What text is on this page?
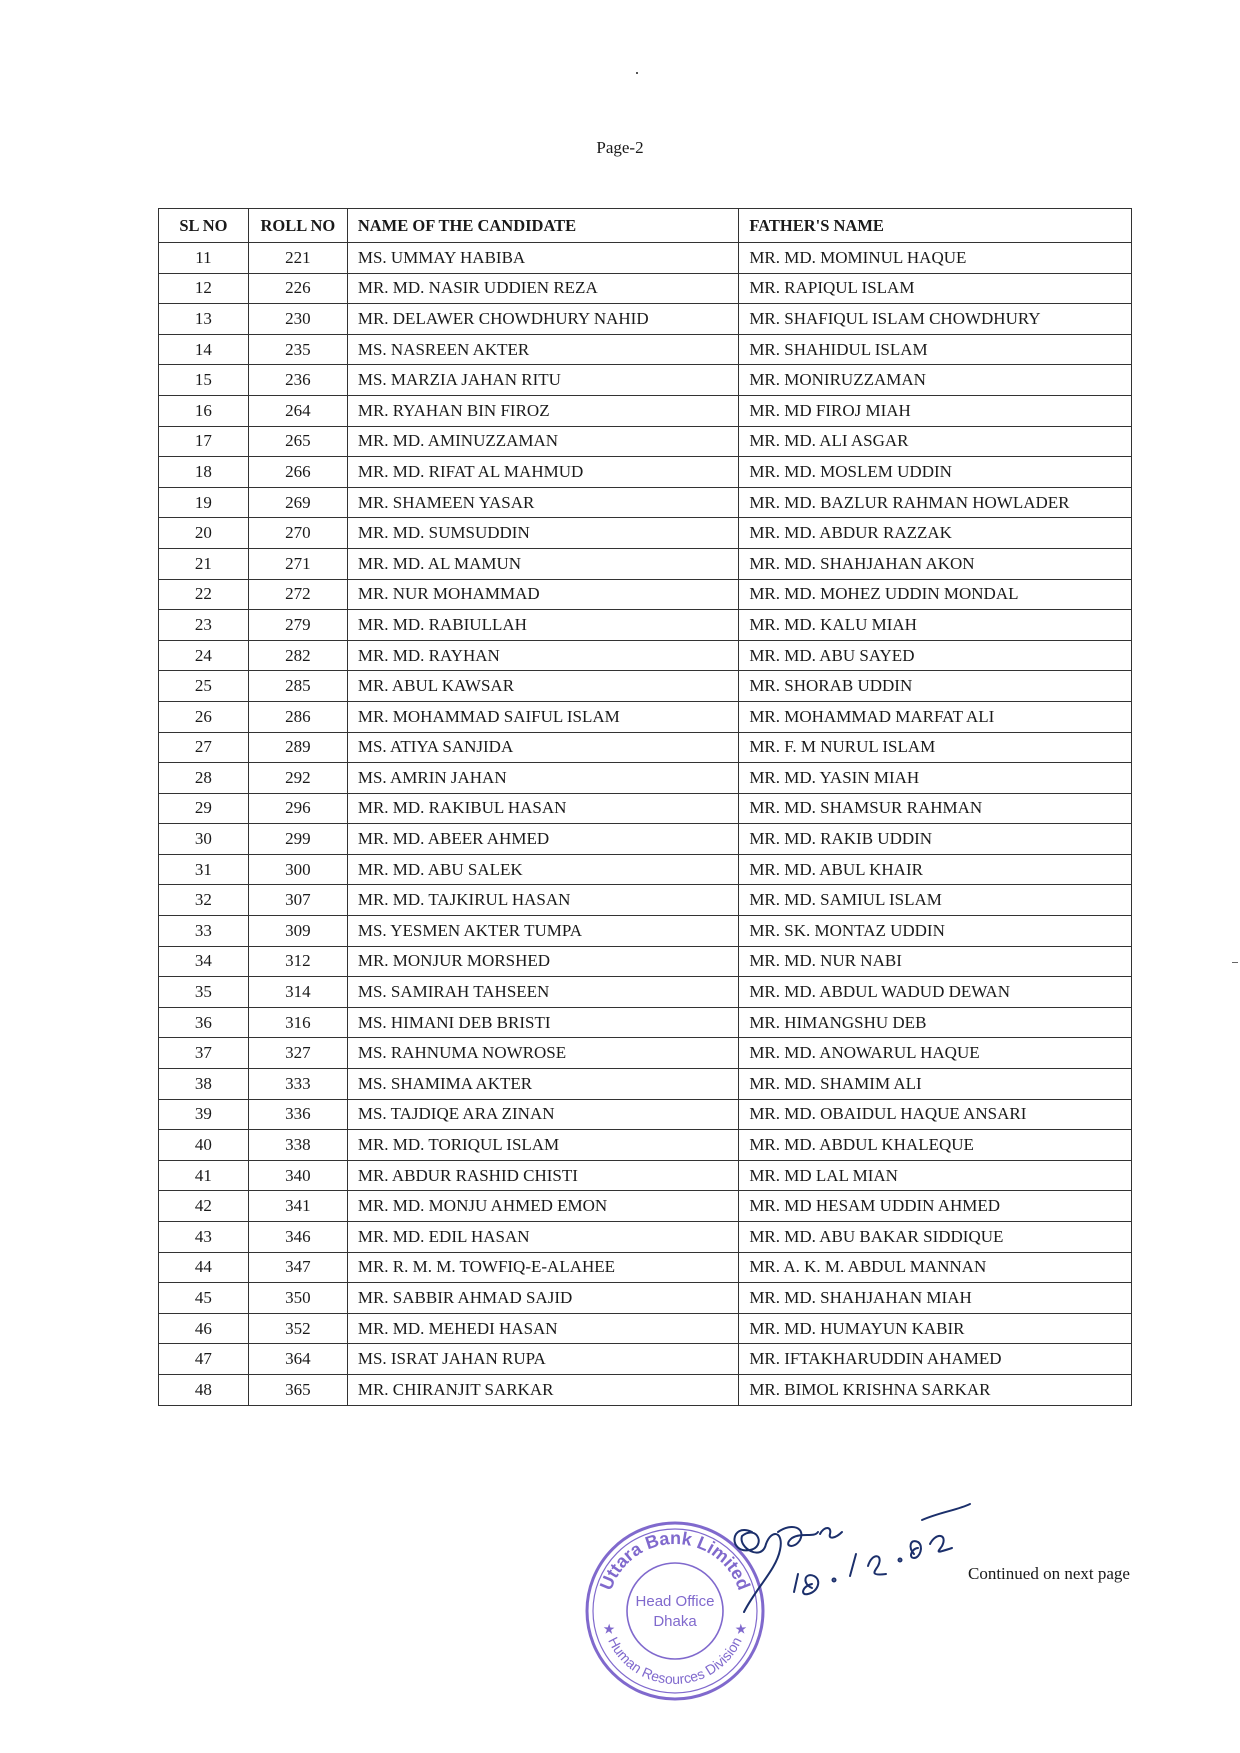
Page-2
SL NO	ROLL NO	NAME OF THE CANDIDATE	FATHER'S NAME
11	221	MS. UMMAY HABIBA	MR. MD. MOMINUL HAQUE
12	226	MR. MD. NASIR UDDIEN REZA	MR. RAPIQUL ISLAM
13	230	MR. DELAWER CHOWDHURY NAHID	MR. SHAFIQUL ISLAM CHOWDHURY
14	235	MS. NASREEN AKTER	MR. SHAHIDUL ISLAM
15	236	MS. MARZIA JAHAN RITU	MR. MONIRUZZAMAN
16	264	MR. RYAHAN BIN FIROZ	MR. MD FIROJ MIAH
17	265	MR. MD. AMINUZZAMAN	MR. MD. ALI ASGAR
18	266	MR. MD. RIFAT AL MAHMUD	MR. MD. MOSLEM UDDIN
19	269	MR. SHAMEEN YASAR	MR. MD. BAZLUR RAHMAN HOWLADER
20	270	MR. MD. SUMSUDDIN	MR. MD. ABDUR RAZZAK
21	271	MR. MD. AL MAMUN	MR. MD. SHAHJAHAN AKON
22	272	MR. NUR MOHAMMAD	MR. MD. MOHEZ UDDIN MONDAL
23	279	MR. MD. RABIULLAH	MR. MD. KALU MIAH
24	282	MR. MD. RAYHAN	MR. MD. ABU SAYED
25	285	MR. ABUL KAWSAR	MR. SHORAB UDDIN
26	286	MR. MOHAMMAD SAIFUL ISLAM	MR. MOHAMMAD MARFAT ALI
27	289	MS. ATIYA SANJIDA	MR. F. M NURUL ISLAM
28	292	MS. AMRIN JAHAN	MR. MD. YASIN MIAH
29	296	MR. MD. RAKIBUL HASAN	MR. MD. SHAMSUR RAHMAN
30	299	MR. MD. ABEER AHMED	MR. MD. RAKIB UDDIN
31	300	MR. MD. ABU SALEK	MR. MD. ABUL KHAIR
32	307	MR. MD. TAJKIRUL HASAN	MR. MD. SAMIUL ISLAM
33	309	MS. YESMEN AKTER TUMPA	MR. SK. MONTAZ UDDIN
34	312	MR. MONJUR MORSHED	MR. MD. NUR NABI
35	314	MS. SAMIRAH TAHSEEN	MR. MD. ABDUL WADUD DEWAN
36	316	MS. HIMANI DEB BRISTI	MR. HIMANGSHU DEB
37	327	MS. RAHNUMA NOWROSE	MR. MD. ANOWARUL HAQUE
38	333	MS. SHAMIMA AKTER	MR. MD. SHAMIM ALI
39	336	MS. TAJDIQE ARA ZINAN	MR. MD. OBAIDUL HAQUE ANSARI
40	338	MR. MD. TORIQUL ISLAM	MR. MD. ABDUL KHALEQUE
41	340	MR. ABDUR RASHID CHISTI	MR. MD LAL MIAN
42	341	MR. MD. MONJU AHMED EMON	MR. MD HESAM UDDIN AHMED
43	346	MR. MD. EDIL HASAN	MR. MD. ABU BAKAR SIDDIQUE
44	347	MR. R. M. M. TOWFIQ-E-ALAHEE	MR. A. K. M. ABDUL MANNAN
45	350	MR. SABBIR AHMAD SAJID	MR. MD. SHAHJAHAN MIAH
46	352	MR. MD. MEHEDI HASAN	MR. MD. HUMAYUN KABIR
47	364	MS. ISRAT JAHAN RUPA	MR. IFTAKHARUDDIN AHAMED
48	365	MR. CHIRANJIT SARKAR	MR. BIMOL KRISHNA SARKAR
Uttara Bank Limited
★ Human Resources Division ★
Head Office
Dhaka
Continued on next page
